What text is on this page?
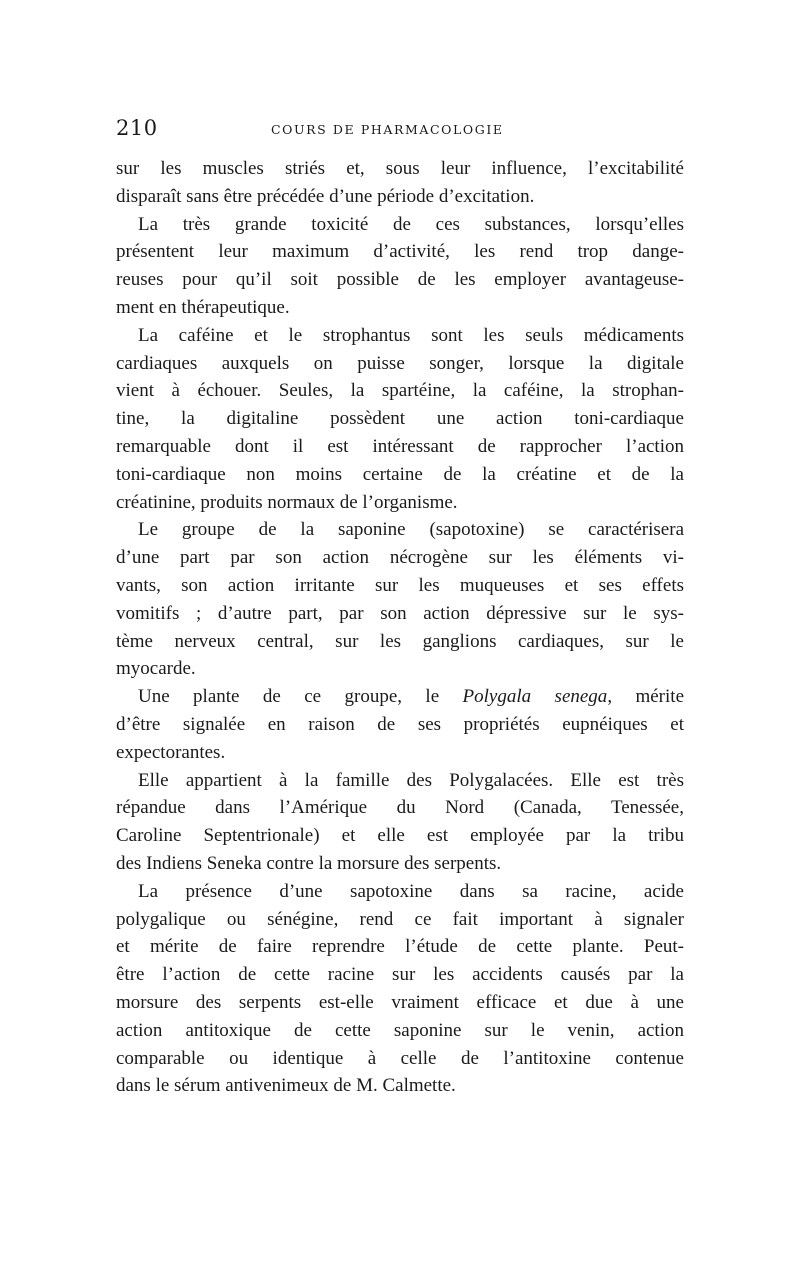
210	COURS DE PHARMACOLOGIE
sur les muscles striés et, sous leur influence, l’excitabilité
disparaît sans être précédée d’une période d’excitation.
La très grande toxicité de ces substances, lorsqu’elles
présentent leur maximum d’activité, les rend trop dange-
reuses pour qu’il soit possible de les employer avantageuse-
ment en thérapeutique.
La caféine et le strophantus sont les seuls médicaments
cardiaques auxquels on puisse songer, lorsque la digitale
vient à échouer. Seules, la spartéine, la caféine, la strophan-
tine, la digitaline possèdent une action toni-cardiaque
remarquable dont il est intéressant de rapprocher l’action
toni-cardiaque non moins certaine de la créatine et de la
créatinine, produits normaux de l’organisme.
Le groupe de la saponine (sapotoxine) se caractérisera
d’une part par son action nécrogène sur les éléments vi-
vants, son action irritante sur les muqueuses et ses effets
vomitifs ; d’autre part, par son action dépressive sur le sys-
tème nerveux central, sur les ganglions cardiaques, sur le
myocarde.
Une plante de ce groupe, le Polygala senega, mérite
d’être signalée en raison de ses propriétés eupnéiques et
expectorantes.
Elle appartient à la famille des Polygalacées. Elle est très
répandue dans l’Amérique du Nord (Canada, Tenessée,
Caroline Septentrionale) et elle est employée par la tribu
des Indiens Seneka contre la morsure des serpents.
La présence d’une sapotoxine dans sa racine, acide
polygalique ou sénégine, rend ce fait important à signaler
et mérite de faire reprendre l’étude de cette plante. Peut-
être l’action de cette racine sur les accidents causés par la
morsure des serpents est-elle vraiment efficace et due à une
action antitoxique de cette saponine sur le venin, action
comparable ou identique à celle de l’antitoxine contenue
dans le sérum antivenimeux de M. Calmette.
